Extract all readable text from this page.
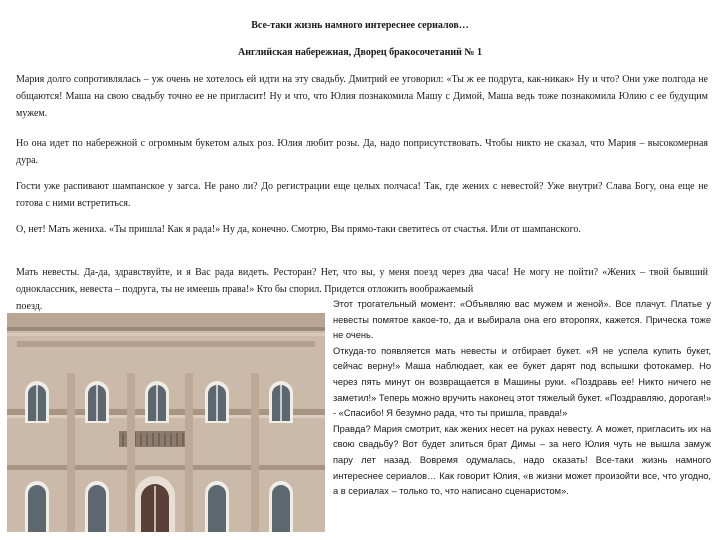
Все-таки жизнь намного интереснее сериалов…
Английская набережная, Дворец бракосочетаний № 1

Мария долго сопротивлялась – уж очень не хотелось ей идти на эту свадьбу. Дмитрий ее уговорил: «Ты ж ее подруга, как-никак» Ну и что? Они уже полгода не общаются! Маша на свою свадьбу точно ее не пригласит! Ну и что, что Юлия познакомила Машу с Димой, Маша ведь тоже познакомила Юлию с ее будущим мужем.

Но она идет по набережной с огромным букетом алых роз. Юлия любит розы. Да, надо поприсутствовать. Чтобы никто не сказал, что Мария – высокомерная дура.

Гости уже распивают шампанское у загса. Не рано ли? До регистрации еще целых полчаса! Так, где жених с невестой? Уже внутри? Слава Богу, она еще не готова с ними встретиться.

О, нет! Мать жениха. «Ты пришла! Как я рада!» Ну да, конечно. Смотрю, Вы прямо-таки светитесь от счастья. Или от шампанского.

Мать невесты. Да-да, здравствуйте, и я Вас рада видеть. Ресторан? Нет, что вы, у меня поезд через два часа! Не могу не пойти? «Жених – твой бывший одноклассник, невеста – подруга, ты не имеешь права!» Кто бы спорил. Придется отложить воображаемый

поезд.	Этот трогательный момент: «Объявляю вас мужем и женой». Все плачут. Платье у невесты помятое какое-то, да и выбирала она его второпях, кажется. Прическа тоже не очень.

Откуда-то появляется мать невесты и отбирает букет. «Я не успела купить букет, сейчас верну!» Маша наблюдает, как ее букет дарят под вспышки фотокамер. Но через пять минут он возвращается в Машины руки. «Поздравь ее! Никто ничего не заметил!» Теперь можно вручить наконец этот тяжелый букет. «Поздравляю, дорогая!» - «Спасибо! Я безумно рада, что ты пришла, правда!»

Правда? Мария смотрит, как жених несет на руках невесту. А может, пригласить их на свою свадьбу? Вот будет злиться брат Димы – за него Юлия чуть не вышла замуж пару лет назад. Вовремя одумалась, надо сказать! Все-таки жизнь намного интереснее сериалов… Как говорит Юлия, «в жизни может произойти все, что угодно, а в сериалах – только то, что написано сценаристом».
